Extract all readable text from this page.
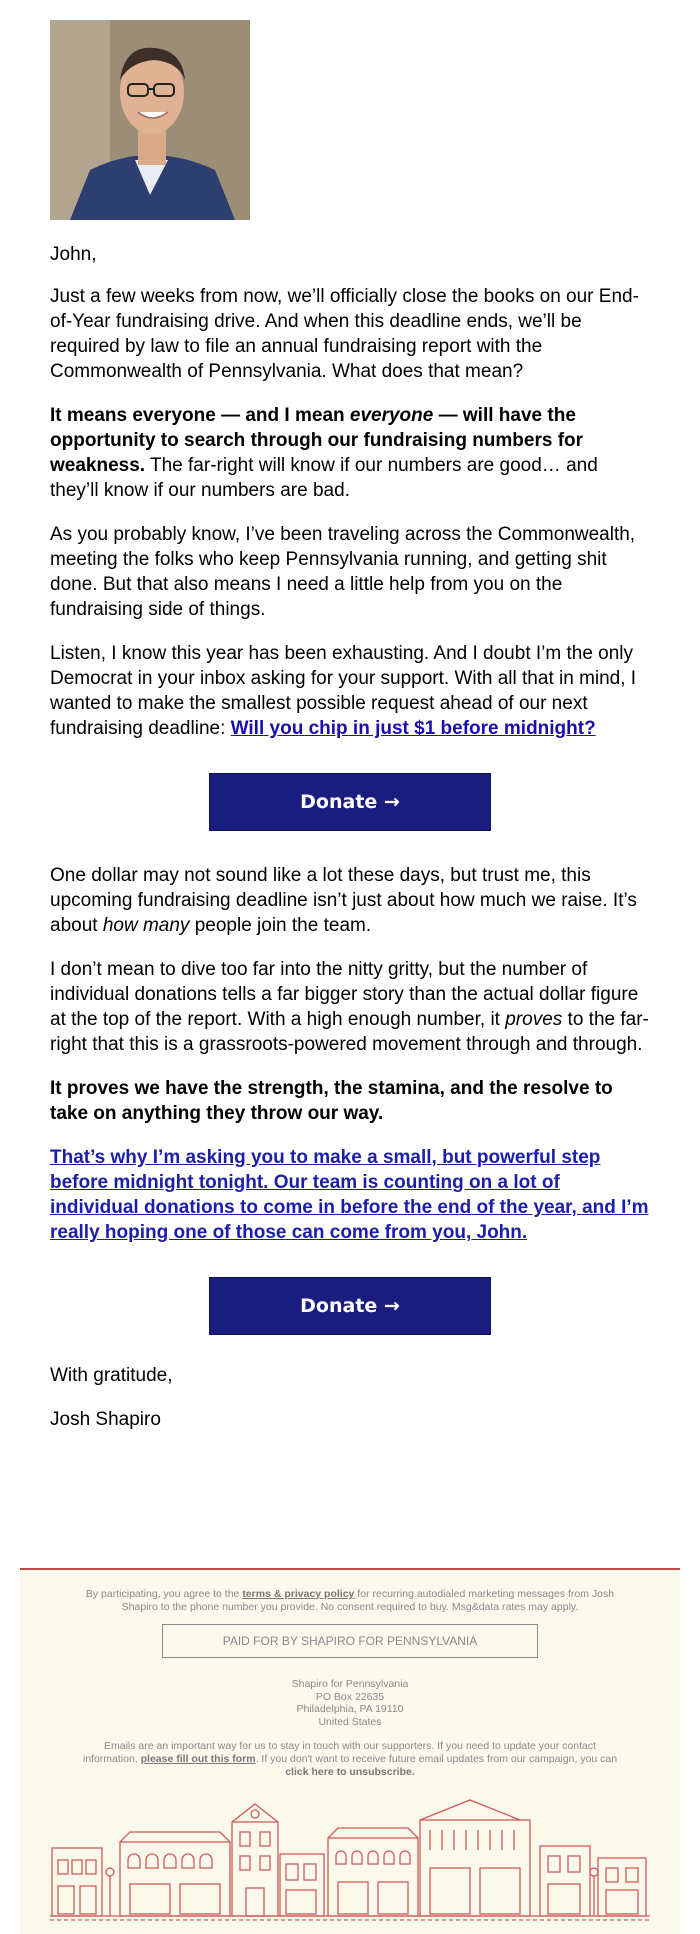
John,

Just a few weeks from now, we’ll officially close the books on our End-of-Year fundraising drive. And when this deadline ends, we’ll be required by law to file an annual fundraising report with the Commonwealth of Pennsylvania. What does that mean?

It means everyone — and I mean everyone — will have the opportunity to search through our fundraising numbers for weakness. The far-right will know if our numbers are good… and they’ll know if our numbers are bad.

As you probably know, I’ve been traveling across the Commonwealth, meeting the folks who keep Pennsylvania running, and getting shit done. But that also means I need a little help from you on the fundraising side of things.

Listen, I know this year has been exhausting. And I doubt I’m the only Democrat in your inbox asking for your support. With all that in mind, I wanted to make the smallest possible request ahead of our next fundraising deadline: Will you chip in just $1 before midnight?

Donate →

One dollar may not sound like a lot these days, but trust me, this upcoming fundraising deadline isn’t just about how much we raise. It’s about how many people join the team.

I don’t mean to dive too far into the nitty gritty, but the number of individual donations tells a far bigger story than the actual dollar figure at the top of the report. With a high enough number, it proves to the far-right that this is a grassroots-powered movement through and through.

It proves we have the strength, the stamina, and the resolve to take on anything they throw our way.

That’s why I’m asking you to make a small, but powerful step before midnight tonight. Our team is counting on a lot of individual donations to come in before the end of the year, and I’m really hoping one of those can come from you, John.

Donate →

With gratitude,

Josh Shapiro

By participating, you agree to the terms & privacy policy for recurring autodialed marketing messages from Josh Shapiro to the phone number you provide. No consent required to buy. Msg&data rates may apply.

PAID FOR BY SHAPIRO FOR PENNSYLVANIA
Shapiro for Pennsylvania
PO Box 22635
Philadelphia, PA 19110
United States

Emails are an important way for us to stay in touch with our supporters. If you need to update your contact information, please fill out this form. If you don't want to receive future email updates from our campaign, you can click here to unsubscribe.
